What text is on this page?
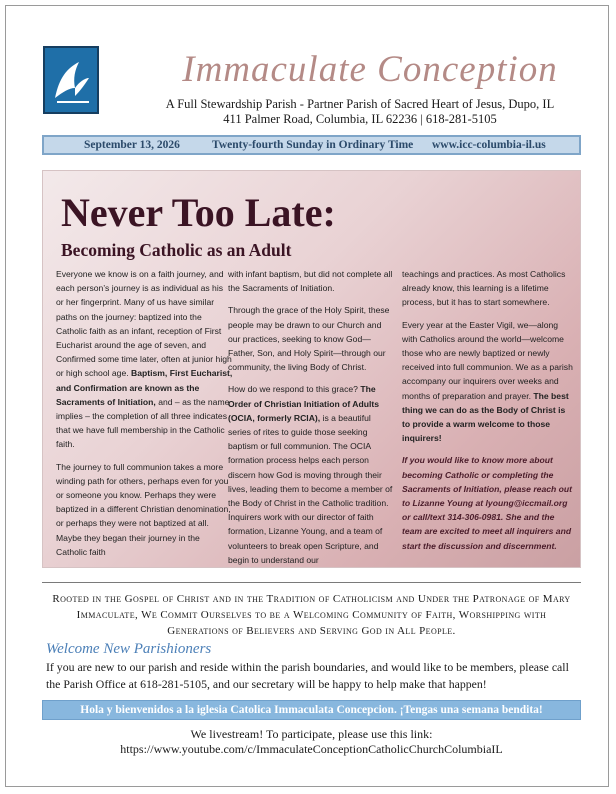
Immaculate Conception
A Full Stewardship Parish - Partner Parish of Sacred Heart of Jesus, Dupo, IL
411 Palmer Road, Columbia, IL 62236 | 618-281-5105
September 13, 2026	Twenty-fourth Sunday in Ordinary Time www.icc-columbia-il.us
Never Too Late:
Becoming Catholic as an Adult

Everyone we know is on a faith journey, and each person’s journey is as individual as his or her fingerprint. Many of us have similar paths on the journey: baptized into the Catholic faith as an infant, reception of First Eucharist around the age of seven, and Confirmed some time later, often at junior high or high school age. Baptism, First Eucharist, and Confirmation are known as the Sacraments of Initiation, and – as the name implies – the completion of all three indicates that we have full membership in the Catholic faith.

The journey to full communion takes a more winding path for others, perhaps even for you or someone you know. Perhaps they were baptized in a different Christian denomination, or perhaps they were not baptized at all. Maybe they began their journey in the Catholic faith

with infant baptism, but did not complete all the Sacraments of Initiation.

Through the grace of the Holy Spirit, these people may be drawn to our Church and our practices, seeking to know God—Father, Son, and Holy Spirit—through our community, the living Body of Christ.

How do we respond to this grace? The Order of Christian Initiation of Adults (OCIA, formerly RCIA), is a beautiful series of rites to guide those seeking baptism or full communion. The OCIA formation process helps each person discern how God is moving through their lives, leading them to become a member of the Body of Christ in the Catholic tradition. Inquirers work with our director of faith formation, Lizanne Young, and a team of volunteers to break open Scripture, and begin to understand our

teachings and practices. As most Catholics already know, this learning is a lifetime process, but it has to start somewhere.

Every year at the Easter Vigil, we—along with Catholics around the world—welcome those who are newly baptized or newly received into full communion. We as a parish accompany our inquirers over weeks and months of preparation and prayer. The best thing we can do as the Body of Christ is to provide a warm welcome to those inquirers!

If you would like to know more about becoming Catholic or completing the Sacraments of Initiation, please reach out to Lizanne Young at lyoung@iccmail.org or call/text 314-306-0981. She and the team are excited to meet all inquirers and start the discussion and discernment.

Rooted in the Gospel of Christ and in the Tradition of Catholicism and Under the Patronage of Mary Immaculate, We Commit Ourselves to be a Welcoming Community of Faith, Worshipping with Generations of Believers and Serving God in All People.
Welcome New Parishioners
If you are new to our parish and reside within the parish boundaries, and would like to be members, please call the Parish Office at 618-281-5105, and our secretary will be happy to help make that happen!
Hola y bienvenidos a la iglesia Catolica Immaculata Concepcion. ¡Tengas una semana bendita!
We livestream! To participate, please use this link:
https://www.youtube.com/c/ImmaculateConceptionCatholicChurchColumbiaIL
